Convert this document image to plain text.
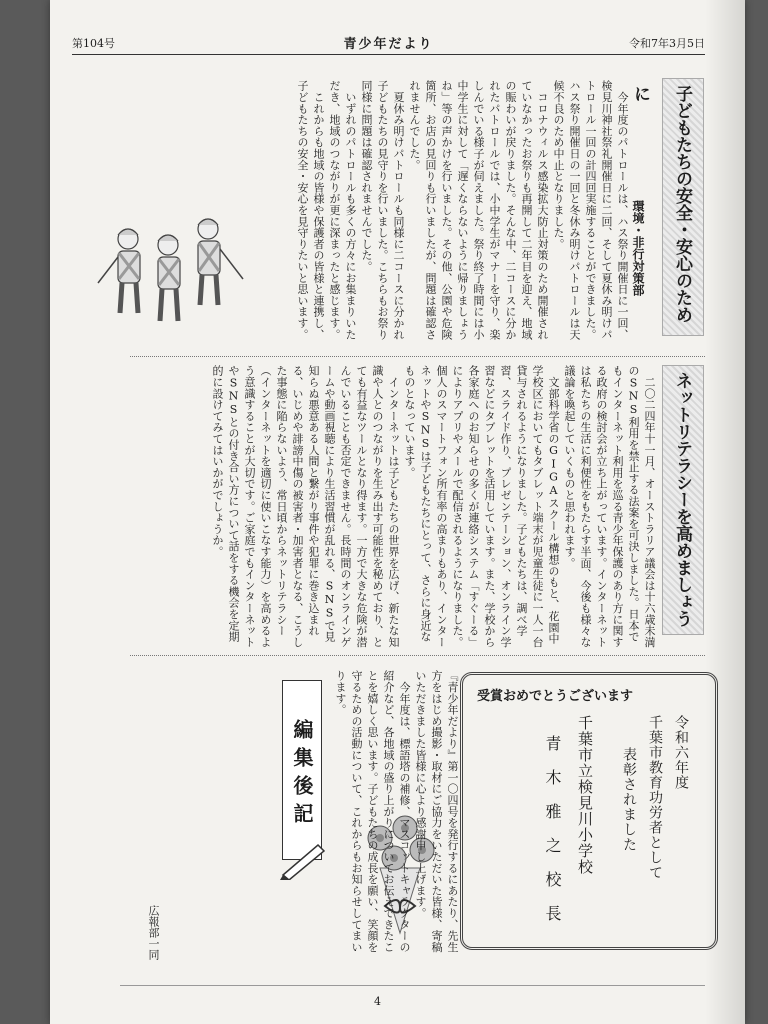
第104号	青少年だより	令和7年3月5日
子どもたちの安全・安心のために
環境・非行対策部
　今年度のパトロールは、ハス祭り開催日に一回、検見川神社祭礼開催日に二回、そして夏休み明けパトロール一回の計四回実施することができました。ハス祭り開催日の一回と冬休み明けパトロールは天候不良のため中止となりました。
　コロナウィルス感染拡大防止対策のため開催されていなかったお祭りも再開して二年目を迎え、地域の賑わいが戻りました。そんな中、二コースに分かれたパトロールでは、小中学生がマナーを守り、楽しんでいる様子が伺えました。祭り終了時間には小中学生に対して「遅くならないように帰りましょうね」等の声かけを行いました。その他、公園や危険箇所、お店の見回りも行いましたが、問題は確認されませんでした。
　夏休み明けパトロールも同様に二コースに分かれ子どもたちの見守りを行いました。こちらもお祭り同様に問題は確認されませんでした。
　いずれのパトロールも多くの方々にお集まりいただき、地域のつながりが更に深まったと感じます。
　これからも地域の皆様や保護者の皆様と連携し、子どもたちの安全・安心を見守りたいと思います。
ネットリテラシーを高めましょう
　二〇二四年十一月、オーストラリア議会は十六歳未満のSNS利用を禁止する法案を可決しました。日本でもインターネット利用を巡る青少年保護のあり方に関する政府の検討会が立ち上がっています。インターネットは私たちの生活に利便性をもたらす半面、今後も様々な議論を喚起していくものと思われます。
　文部科学省のGIGAスクール構想のもと、花園中学校区においてもタブレット端末が児童生徒に一人一台貸与されるようになりました。子どもたちは、調べ学習、スライド作り、プレゼンテーション、オンライン学習などにタブレットを活用しています。また、学校から各家庭へのお知らせの多くが連絡システム「すぐーる」によりアプリやメールで配信されるようになりました。個人のスマートフォン所有率の高まりもあり、インターネットやSNSは子どもたちにとって、さらに身近なものとなっています。
　インターネットは子どもたちの世界を広げ、新たな知識や人とのつながりを生み出す可能性を秘めており、とても有益なツールとなり得ます。一方で大きな危険が潜んでいることも否定できません。長時間のオンラインゲームや動画視聴により生活習慣が乱れる、SNSで見知らぬ悪意ある人間と繋がり事件や犯罪に巻き込まれる、いじめや誹謗中傷の被害者・加害者となる、こうした事態に陥らないよう、常日頃からネットリテラシー（インターネットを適切に使いこなす能力）を高めるよう意識することが大切です。ご家庭でもインターネットやSNSとの付き合い方について話をする機会を定期的に設けてみてはいかがでしょうか。
受賞おめでとうございます
令和六年度
千葉市教育功労者として
表彰されました
千葉市立検見川小学校
青　木　雅　之　校　長
編集後記	『青少年だより』第一〇四号を発行するにあたり、先生方をはじめ撮影・取材にご協力をいただいた皆様、寄稿いただきました皆様に心より感謝申し上げます。
　今年度は、標語塔の補修、マスコットキャラクターの紹介など、各地域の盛り上がりについてお伝えできたことを嬉しく思います。子どもたちの成長を願い、笑顔を守るための活動について、これからもお知らせしてまいります。
広報部一同
4
